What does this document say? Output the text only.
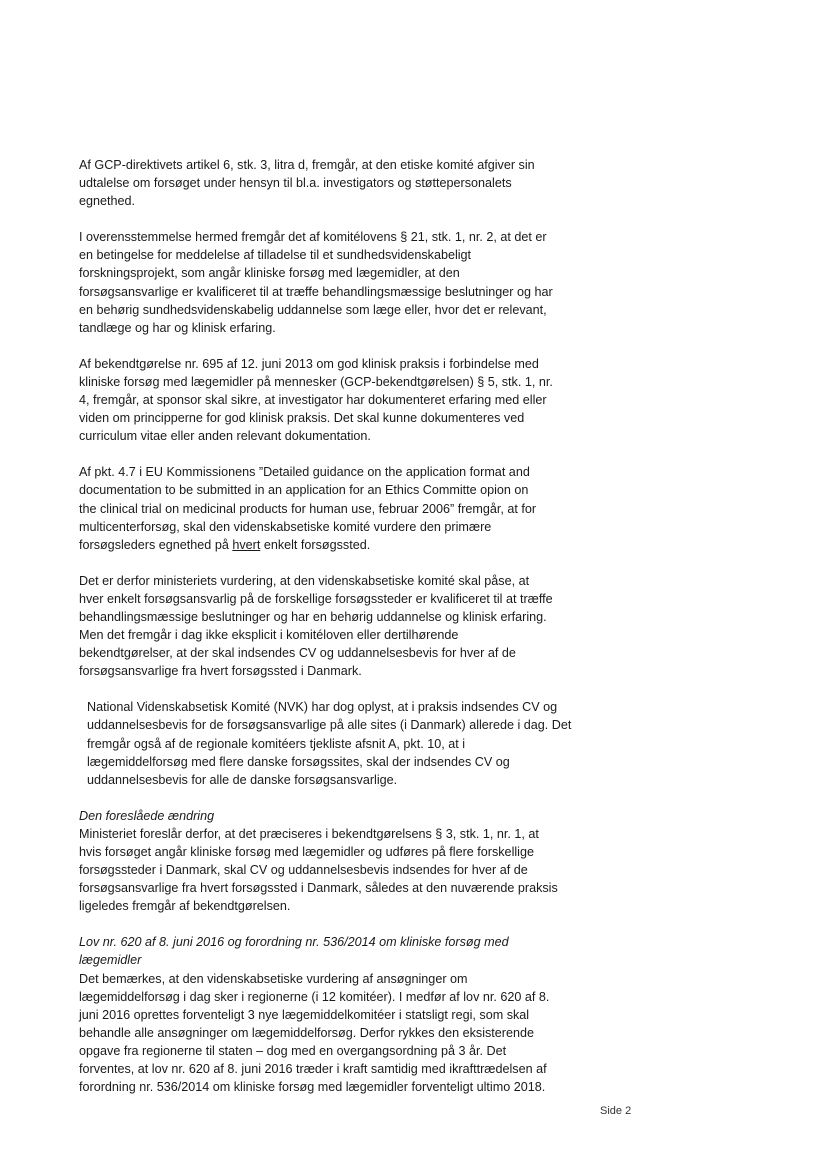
Af GCP-direktivets artikel 6, stk. 3, litra d, fremgår, at den etiske komité afgiver sin
udtalelse om forsøget under hensyn til bl.a. investigators og støttepersonalets
egnethed.

I overensstemmelse hermed fremgår det af komitélovens § 21, stk. 1, nr. 2, at det er
en betingelse for meddelelse af tilladelse til et sundhedsvidenskabeligt
forskningsprojekt, som angår kliniske forsøg med lægemidler, at den
forsøgsansvarlige er kvalificeret til at træffe behandlingsmæssige beslutninger og har
en behørig sundhedsvidenskabelig uddannelse som læge eller, hvor det er relevant,
tandlæge og har og klinisk erfaring.

Af bekendtgørelse nr. 695 af 12. juni 2013 om god klinisk praksis i forbindelse med
kliniske forsøg med lægemidler på mennesker (GCP-bekendtgørelsen) § 5, stk. 1, nr.
4, fremgår, at sponsor skal sikre, at investigator har dokumenteret erfaring med eller
viden om principperne for god klinisk praksis. Det skal kunne dokumenteres ved
curriculum vitae eller anden relevant dokumentation.

Af pkt. 4.7 i EU Kommissionens ”Detailed guidance on the application format and
documentation to be submitted in an application for an Ethics Committe opion on
the clinical trial on medicinal products for human use, februar 2006” fremgår, at for
multicenterforsøg, skal den videnskabsetiske komité vurdere den primære
forsøgsleders egnethed på hvert enkelt forsøgssted.

Det er derfor ministeriets vurdering, at den videnskabsetiske komité skal påse, at
hver enkelt forsøgsansvarlig på de forskellige forsøgssteder er kvalificeret til at træffe
behandlingsmæssige beslutninger og har en behørig uddannelse og klinisk erfaring.
Men det fremgår i dag ikke eksplicit i komitéloven eller dertilhørende
bekendtgørelser, at der skal indsendes CV og uddannelsesbevis for hver af de
forsøgsansvarlige fra hvert forsøgssted i Danmark.

National Videnskabsetisk Komité (NVK) har dog oplyst, at i praksis indsendes CV og
uddannelsesbevis for de forsøgsansvarlige på alle sites (i Danmark) allerede i dag. Det
fremgår også af de regionale komitéers tjekliste afsnit A, pkt. 10, at i
lægemiddelforsøg med flere danske forsøgssites, skal der indsendes CV og
uddannelsesbevis for alle de danske forsøgsansvarlige.

Den foreslåede ændring

Ministeriet foreslår derfor, at det præciseres i bekendtgørelsens § 3, stk. 1, nr. 1, at
hvis forsøget angår kliniske forsøg med lægemidler og udføres på flere forskellige
forsøgssteder i Danmark, skal CV og uddannelsesbevis indsendes for hver af de
forsøgsansvarlige fra hvert forsøgssted i Danmark, således at den nuværende praksis
ligeledes fremgår af bekendtgørelsen.

Lov nr. 620 af 8. juni 2016 og forordning nr. 536/2014 om kliniske forsøg med
lægemidler

Det bemærkes, at den videnskabsetiske vurdering af ansøgninger om
lægemiddelforsøg i dag sker i regionerne (i 12 komitéer). I medfør af lov nr. 620 af 8.
juni 2016 oprettes forventeligt 3 nye lægemiddelkomitéer i statsligt regi, som skal
behandle alle ansøgninger om lægemiddelforsøg. Derfor rykkes den eksisterende
opgave fra regionerne til staten – dog med en overgangsordning på 3 år. Det
forventes, at lov nr. 620 af 8. juni 2016 træder i kraft samtidig med ikrafttrædelsen af
forordning nr. 536/2014 om kliniske forsøg med lægemidler forventeligt ultimo 2018.

Side 2
